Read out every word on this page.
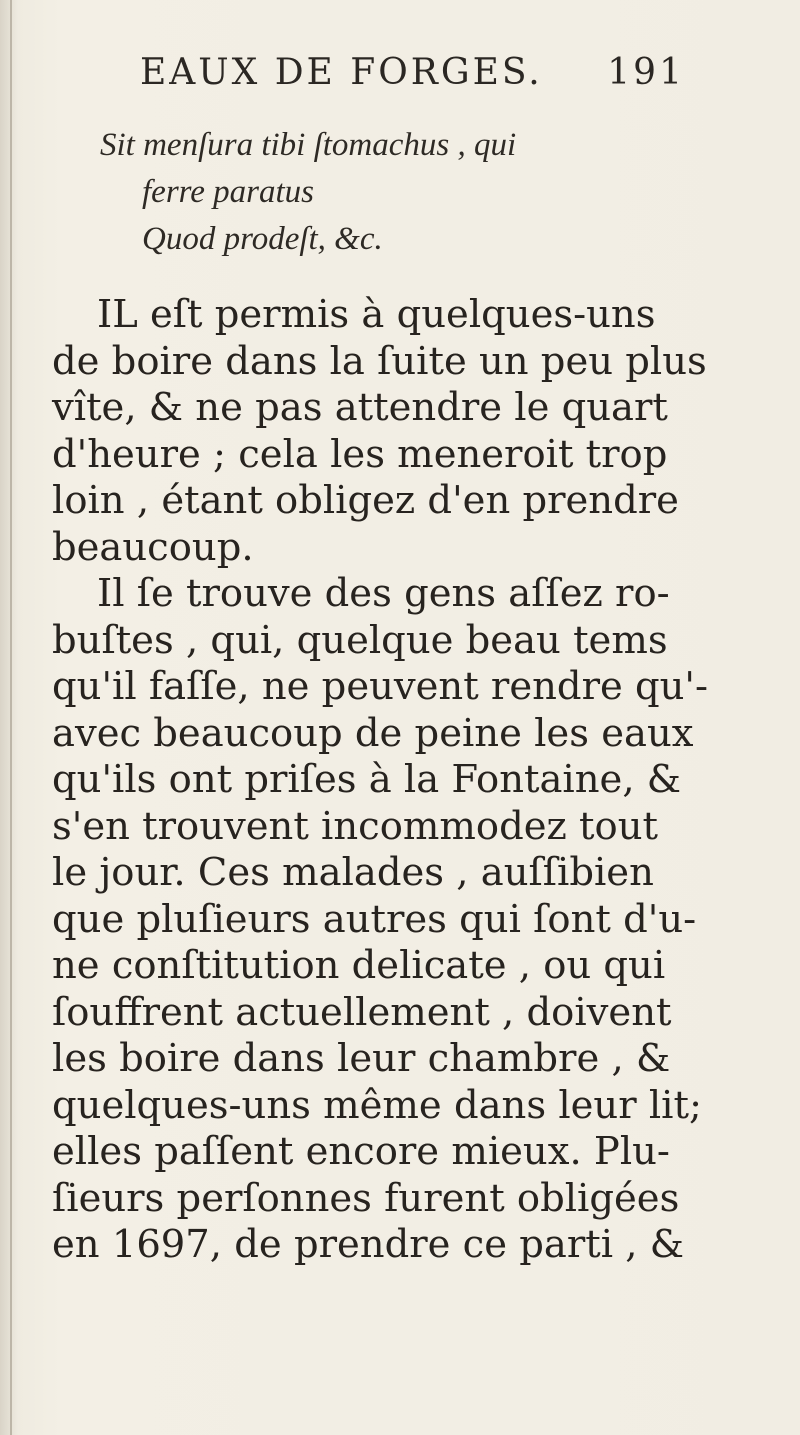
EAUX DE FORGES. 191
Sit menſura tibi ſtomachus , qui
ferre paratus
Quod prodeſt, &c.
IL eſt permis à quelques-uns
de boire dans la ſuite un peu plus
vîte, & ne pas attendre le quart
d'heure ; cela les meneroit trop
loin , étant obligez d'en prendre
beaucoup.
Il ſe trouve des gens aſſez ro-
buſtes , qui, quelque beau tems
qu'il faſſe, ne peuvent rendre qu'-
avec beaucoup de peine les eaux
qu'ils ont priſes à la Fontaine, &
s'en trouvent incommodez tout
le jour. Ces malades , auſſibien
que pluſieurs autres qui ſont d'u-
ne conſtitution delicate , ou qui
ſouffrent actuellement , doivent
les boire dans leur chambre , &
quelques-uns même dans leur lit;
elles paſſent encore mieux. Plu-
ſieurs perſonnes furent obligées
en 1697, de prendre ce parti , &
